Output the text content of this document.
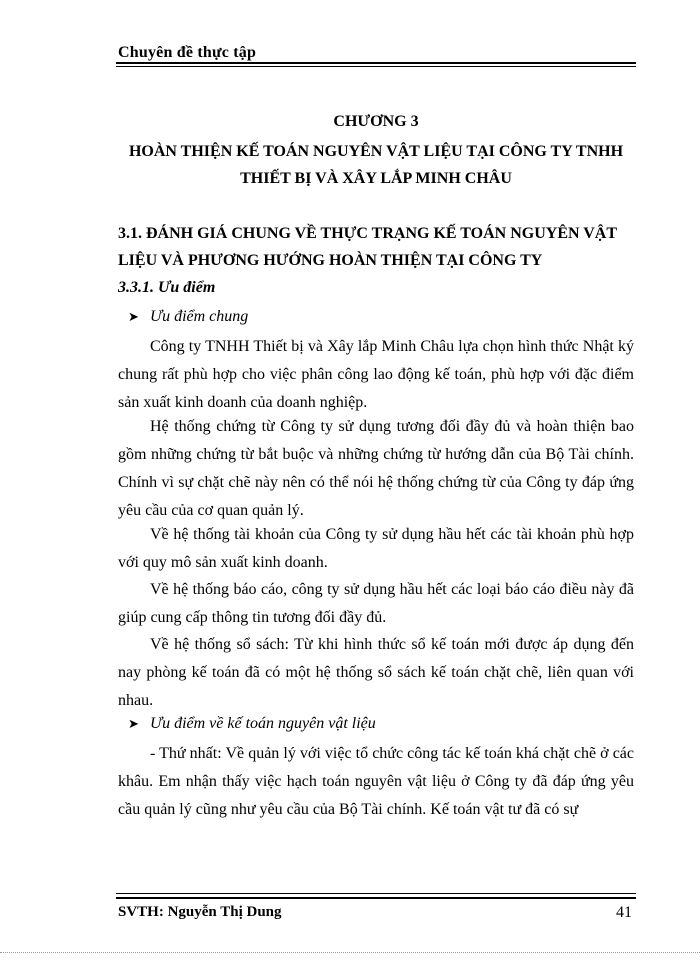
Chuyên đề thực tập
CHƯƠNG 3
HOÀN THIỆN KẾ TOÁN NGUYÊN VẬT LIỆU TẠI CÔNG TY TNHH
THIẾT BỊ VÀ XÂY LẮP MINH CHÂU
3.1. ĐÁNH GIÁ CHUNG VỀ THỰC TRẠNG KẾ TOÁN NGUYÊN VẬT
LIỆU VÀ PHƯƠNG HƯỚNG HOÀN THIỆN TẠI CÔNG TY
3.3.1. Ưu điểm
➤ Ưu điểm chung
Công ty TNHH Thiết bị và Xây lắp Minh Châu lựa chọn hình thức Nhật ký chung rất phù hợp cho việc phân công lao động kế toán, phù hợp với đặc điểm sản xuất kinh doanh của doanh nghiệp.
Hệ thống chứng từ Công ty sử dụng tương đối đầy đủ và hoàn thiện bao gồm những chứng từ bắt buộc và những chứng từ hướng dẫn của Bộ Tài chính. Chính vì sự chặt chẽ này nên có thể nói hệ thống chứng từ của Công ty đáp ứng yêu cầu của cơ quan quản lý.
Về hệ thống tài khoản của Công ty sử dụng hầu hết các tài khoản phù hợp với quy mô sản xuất kinh doanh.
Về hệ thống báo cáo, công ty sử dụng hầu hết các loại báo cáo điều này đã giúp cung cấp thông tin tương đối đầy đủ.
Về hệ thống sổ sách: Từ khi hình thức sổ kế toán mới được áp dụng đến nay phòng kế toán đã có một hệ thống sổ sách kế toán chặt chẽ, liên quan với nhau.
➤ Ưu điểm về kế toán nguyên vật liệu
- Thứ nhất: Về quản lý với việc tổ chức công tác kế toán khá chặt chẽ ở các khâu. Em nhận thấy việc hạch toán nguyên vật liệu ở Công ty đã đáp ứng yêu cầu quản lý cũng như yêu cầu của Bộ Tài chính. Kế toán vật tư đã có sự
SVTH: Nguyễn Thị Dung	41
